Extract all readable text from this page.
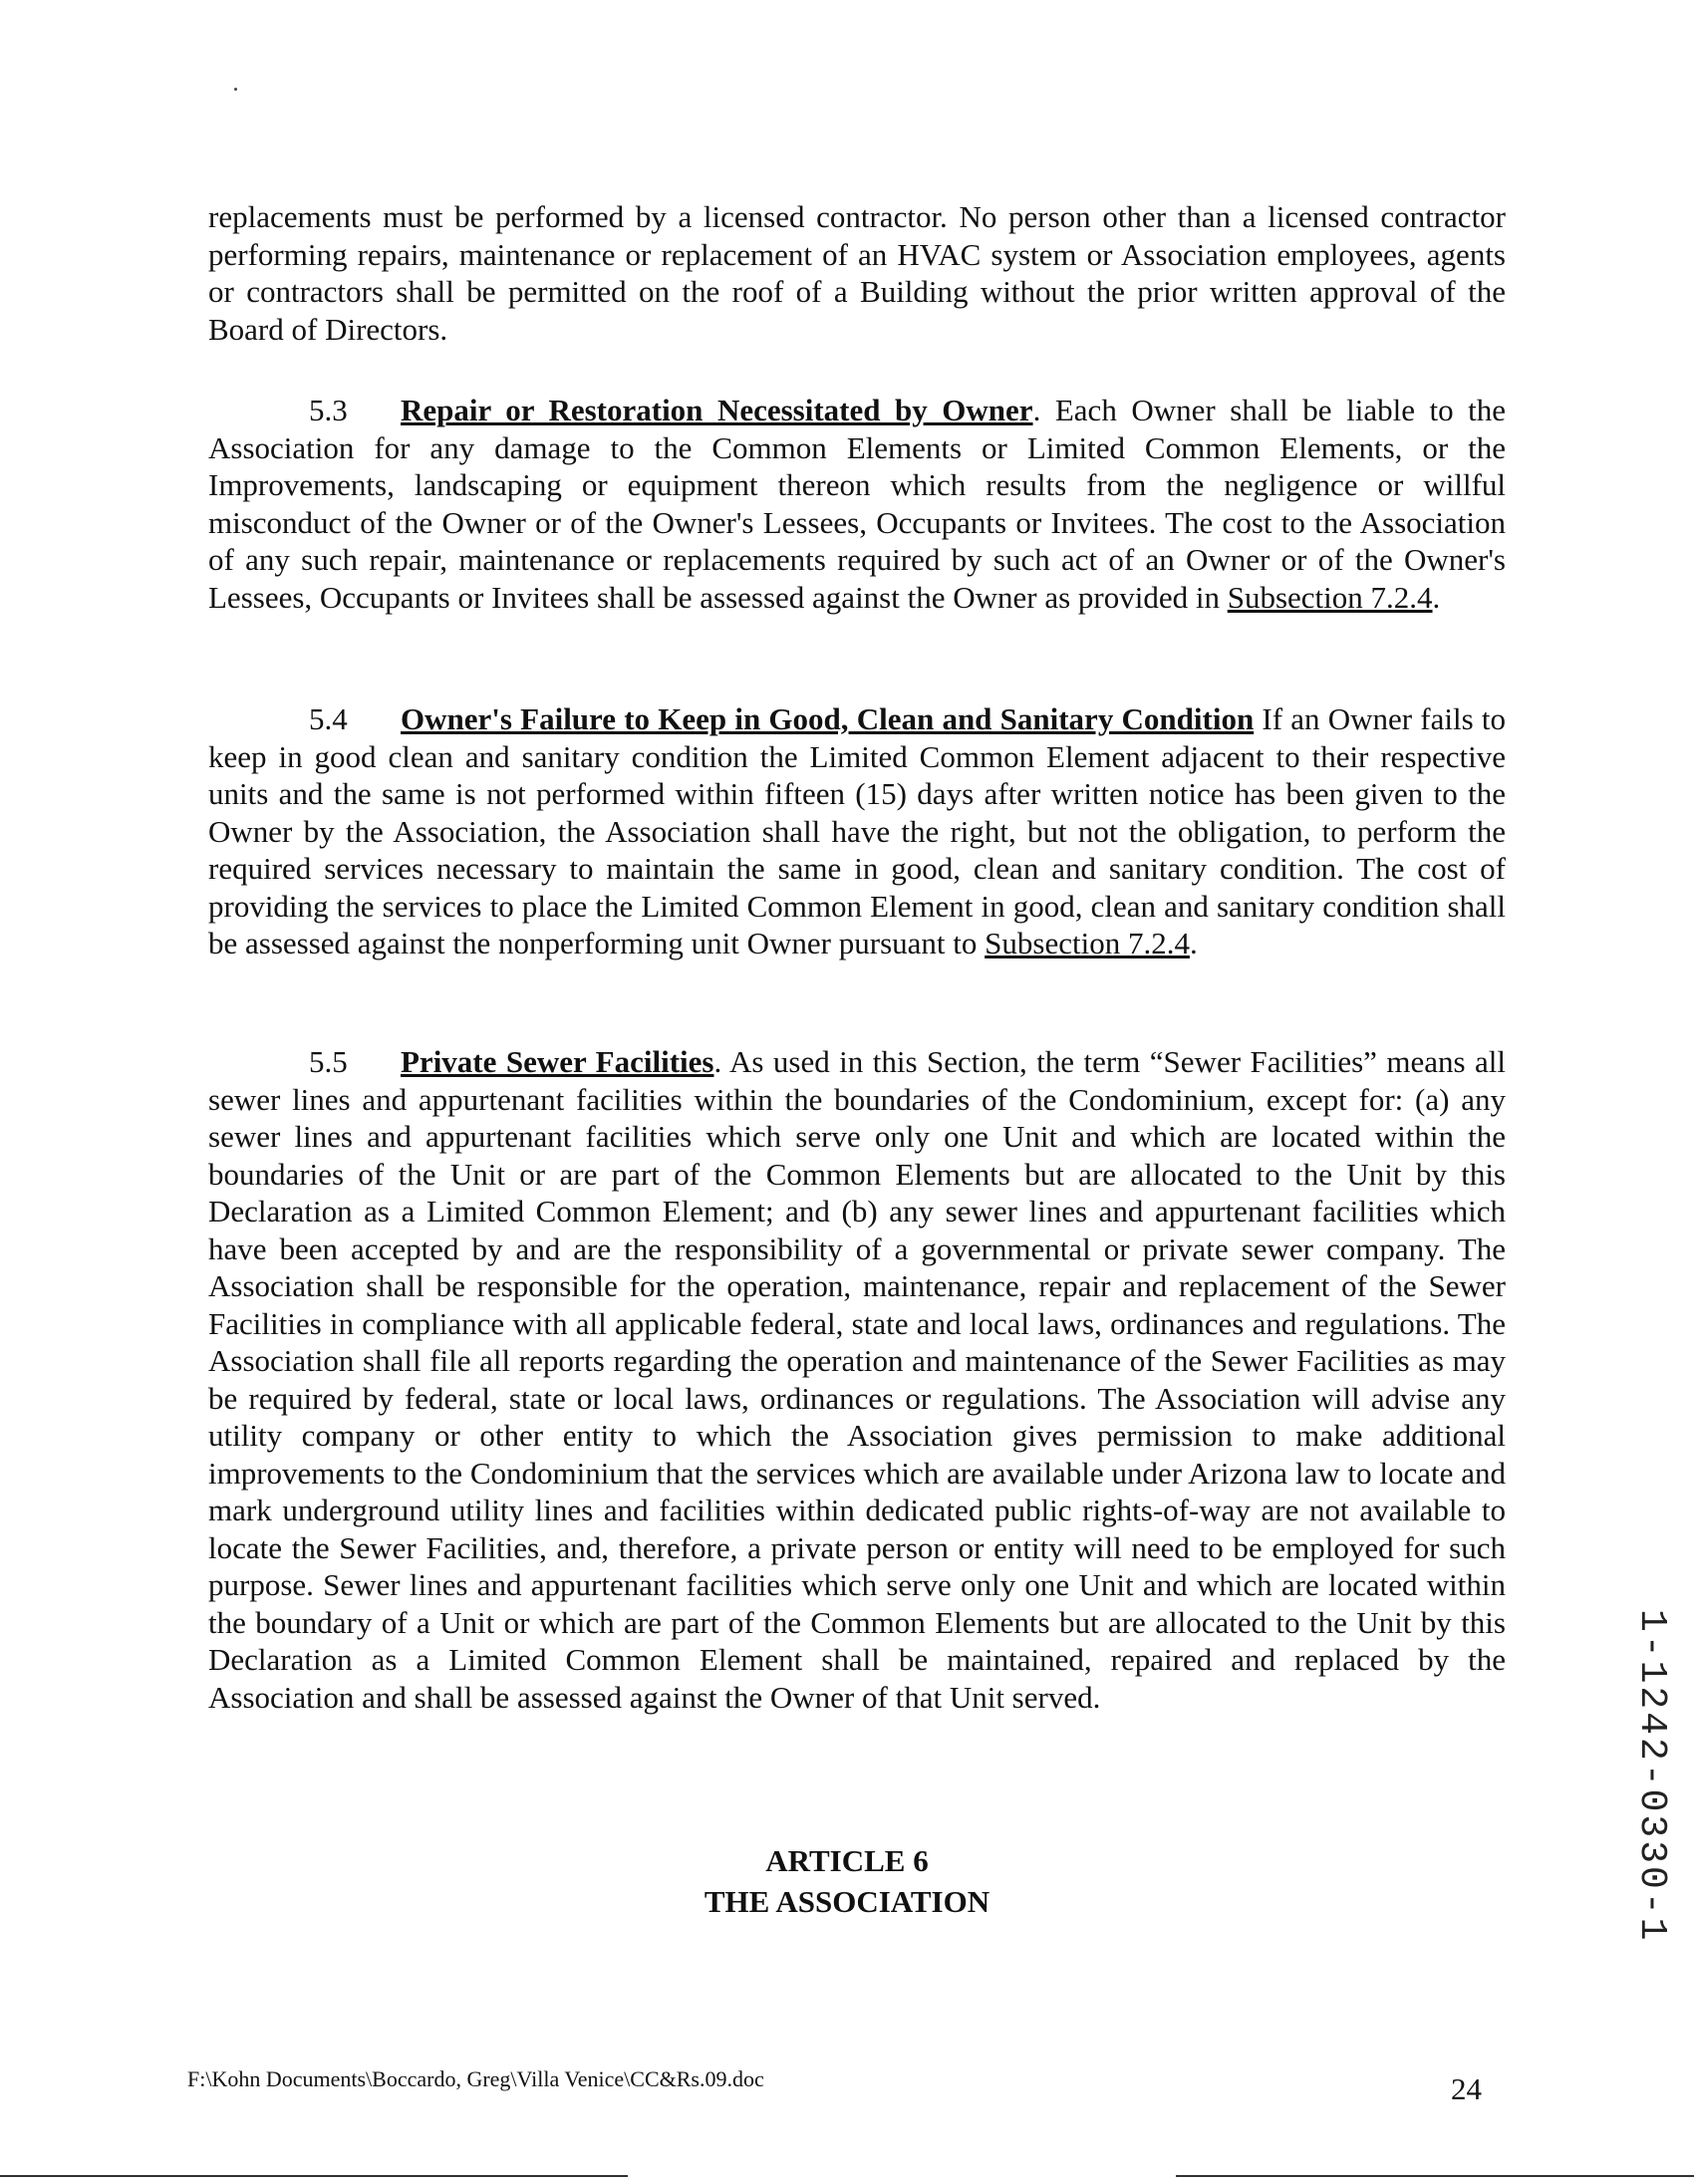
replacements must be performed by a licensed contractor. No person other than a licensed contractor performing repairs, maintenance or replacement of an HVAC system or Association employees, agents or contractors shall be permitted on the roof of a Building without the prior written approval of the Board of Directors.

5.3 Repair or Restoration Necessitated by Owner. Each Owner shall be liable to the Association for any damage to the Common Elements or Limited Common Elements, or the Improvements, landscaping or equipment thereon which results from the negligence or willful misconduct of the Owner or of the Owner's Lessees, Occupants or Invitees. The cost to the Association of any such repair, maintenance or replacements required by such act of an Owner or of the Owner's Lessees, Occupants or Invitees shall be assessed against the Owner as provided in Subsection 7.2.4.

5.4 Owner's Failure to Keep in Good, Clean and Sanitary Condition If an Owner fails to keep in good clean and sanitary condition the Limited Common Element adjacent to their respective units and the same is not performed within fifteen (15) days after written notice has been given to the Owner by the Association, the Association shall have the right, but not the obligation, to perform the required services necessary to maintain the same in good, clean and sanitary condition. The cost of providing the services to place the Limited Common Element in good, clean and sanitary condition shall be assessed against the nonperforming unit Owner pursuant to Subsection 7.2.4.

5.5 Private Sewer Facilities. As used in this Section, the term “Sewer Facilities” means all sewer lines and appurtenant facilities within the boundaries of the Condominium, except for: (a) any sewer lines and appurtenant facilities which serve only one Unit and which are located within the boundaries of the Unit or are part of the Common Elements but are allocated to the Unit by this Declaration as a Limited Common Element; and (b) any sewer lines and appurtenant facilities which have been accepted by and are the responsibility of a governmental or private sewer company. The Association shall be responsible for the operation, maintenance, repair and replacement of the Sewer Facilities in compliance with all applicable federal, state and local laws, ordinances and regulations. The Association shall file all reports regarding the operation and maintenance of the Sewer Facilities as may be required by federal, state or local laws, ordinances or regulations. The Association will advise any utility company or other entity to which the Association gives permission to make additional improvements to the Condominium that the services which are available under Arizona law to locate and mark underground utility lines and facilities within dedicated public rights-of-way are not available to locate the Sewer Facilities, and, therefore, a private person or entity will need to be employed for such purpose. Sewer lines and appurtenant facilities which serve only one Unit and which are located within the boundary of a Unit or which are part of the Common Elements but are allocated to the Unit by this Declaration as a Limited Common Element shall be maintained, repaired and replaced by the Association and shall be assessed against the Owner of that Unit served.

ARTICLE 6
THE ASSOCIATION
F:\Kohn Documents\Boccardo, Greg\Villa Venice\CC&Rs.09.doc	24
1-1242-0330-1
